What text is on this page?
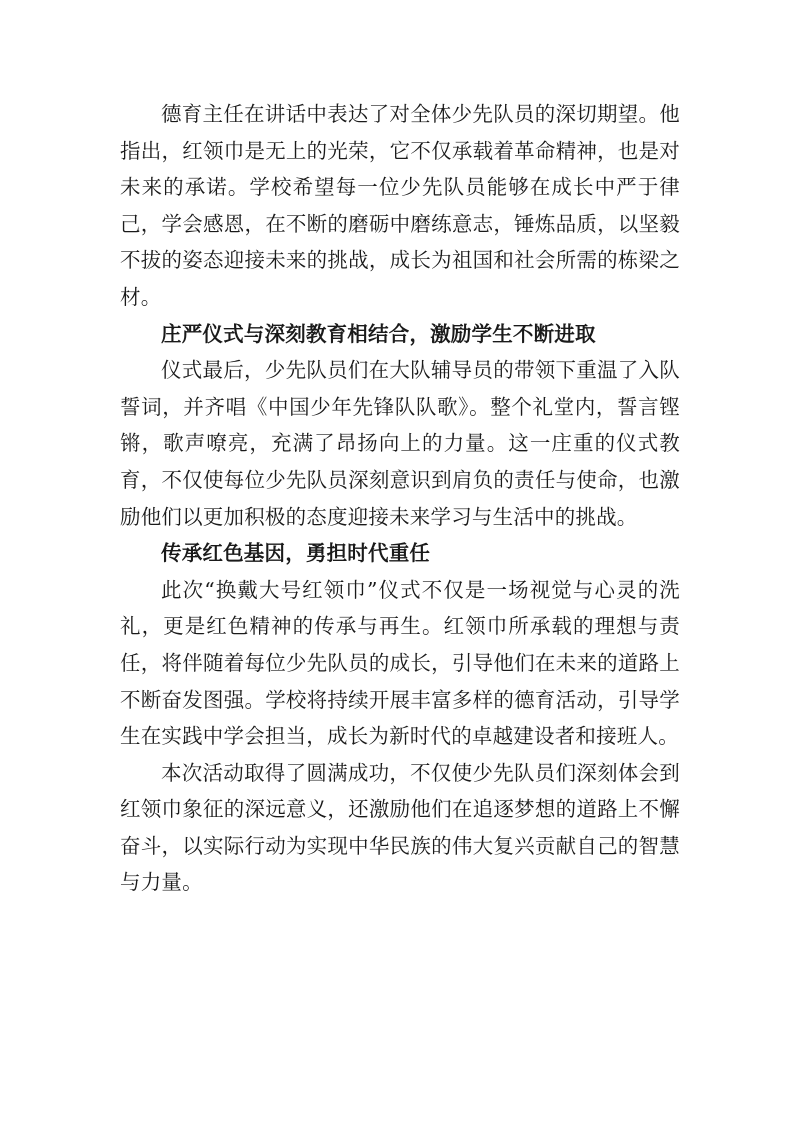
德育主任在讲话中表达了对全体少先队员的深切期望。他指出，红领巾是无上的光荣，它不仅承载着革命精神，也是对未来的承诺。学校希望每一位少先队员能够在成长中严于律己，学会感恩，在不断的磨砺中磨练意志，锤炼品质，以坚毅不拔的姿态迎接未来的挑战，成长为祖国和社会所需的栋梁之材。

庄严仪式与深刻教育相结合，激励学生不断进取

仪式最后，少先队员们在大队辅导员的带领下重温了入队誓词，并齐唱《中国少年先锋队队歌》。整个礼堂内，誓言铿锵，歌声嘹亮，充满了昂扬向上的力量。这一庄重的仪式教育，不仅使每位少先队员深刻意识到肩负的责任与使命，也激励他们以更加积极的态度迎接未来学习与生活中的挑战。

传承红色基因，勇担时代重任

此次“换戴大号红领巾”仪式不仅是一场视觉与心灵的洗礼，更是红色精神的传承与再生。红领巾所承载的理想与责任，将伴随着每位少先队员的成长，引导他们在未来的道路上不断奋发图强。学校将持续开展丰富多样的德育活动，引导学生在实践中学会担当，成长为新时代的卓越建设者和接班人。

本次活动取得了圆满成功，不仅使少先队员们深刻体会到红领巾象征的深远意义，还激励他们在追逐梦想的道路上不懈奋斗，以实际行动为实现中华民族的伟大复兴贡献自己的智慧与力量。
